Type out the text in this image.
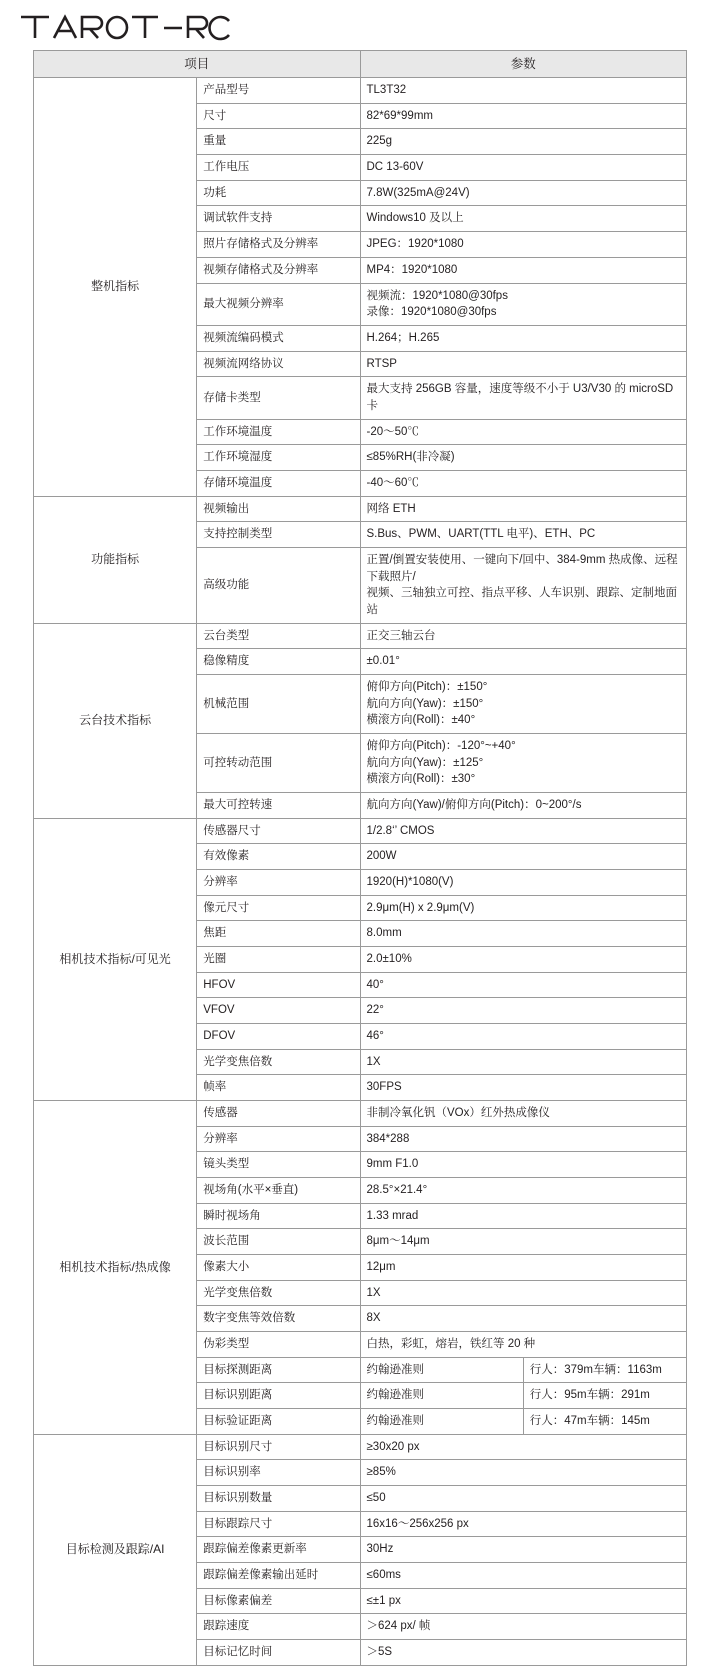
项目		参数	
整机指标	产品型号	TL3T32	

	尺寸	82*69*99mm	

	重量	225g	

	工作电压	DC 13-60V	

	功耗	7.8W(325mA@24V)	

	调试软件支持	Windows10 及以上	

	照片存储格式及分辨率	JPEG：1920*1080	

	视频存储格式及分辨率	MP4：1920*1080	

	最大视频分辨率	视频流：1920*1080@30fps
录像：1920*1080@30fps	

	视频流编码模式	H.264；H.265	

	视频流网络协议	RTSP	

	存储卡类型	最大支持 256GB 容量，速度等级不小于 U3/V30 的 microSD 卡	

	工作环境温度	-20～50℃	

	工作环境湿度	≤85%RH(非冷凝)	

	存储环境温度	-40～60℃	

功能指标	视频输出	网络 ETH	

	支持控制类型	S.Bus、PWM、UART(TTL 电平)、ETH、PC	

	高级功能	正置/倒置安装使用、一键向下/回中、384-9mm 热成像、远程下载照片/
视频、三轴独立可控、指点平移、人车识别、跟踪、定制地面站	

云台技术指标	云台类型	正交三轴云台	

	稳像精度	±0.01°	

	机械范围	俯仰方向(Pitch)：±150°
航向方向(Yaw)：±150°
横滚方向(Roll)：±40°	

	可控转动范围	俯仰方向(Pitch)：-120°~+40°
航向方向(Yaw)：±125°
横滚方向(Roll)：±30°	

	最大可控转速	航向方向(Yaw)/俯仰方向(Pitch)：0~200°/s	

相机技术指标/可见光	传感器尺寸	1/2.8‘’ CMOS	

	有效像素	200W	

	分辨率	1920(H)*1080(V)	

	像元尺寸	2.9μm(H) x 2.9μm(V)	

	焦距	8.0mm	

	光圈	2.0±10%	

	HFOV	40°	

	VFOV	22°	

	DFOV	46°	

	光学变焦倍数	1X	

	帧率	30FPS	

相机技术指标/热成像	传感器	非制冷氧化钒（VOx）红外热成像仪	

	分辨率	384*288	

	镜头类型	9mm F1.0	

	视场角(水平×垂直)	28.5°×21.4°	

	瞬时视场角	1.33 mrad	

	波长范围	8μm～14μm	

	像素大小	12μm	

	光学变焦倍数	1X	

	数字变焦等效倍数	8X	

	伪彩类型	白热，彩虹，熔岩，铁红等 20 种	

	目标探测距离	约翰逊准则	行人：379m车辆：1163m
	目标识别距离	约翰逊准则	行人：95m车辆：291m
	目标验证距离	约翰逊准则	行人：47m车辆：145m
目标检测及跟踪/AI	目标识别尺寸	≥30x20 px	

	目标识别率	≥85%	

	目标识别数量	≤50	

	目标跟踪尺寸	16x16～256x256 px	

	跟踪偏差像素更新率	30Hz	

	跟踪偏差像素输出延时	≤60ms	

	目标像素偏差	≤±1 px	

	跟踪速度	＞624 px/ 帧	

	目标记忆时间	＞5S	
